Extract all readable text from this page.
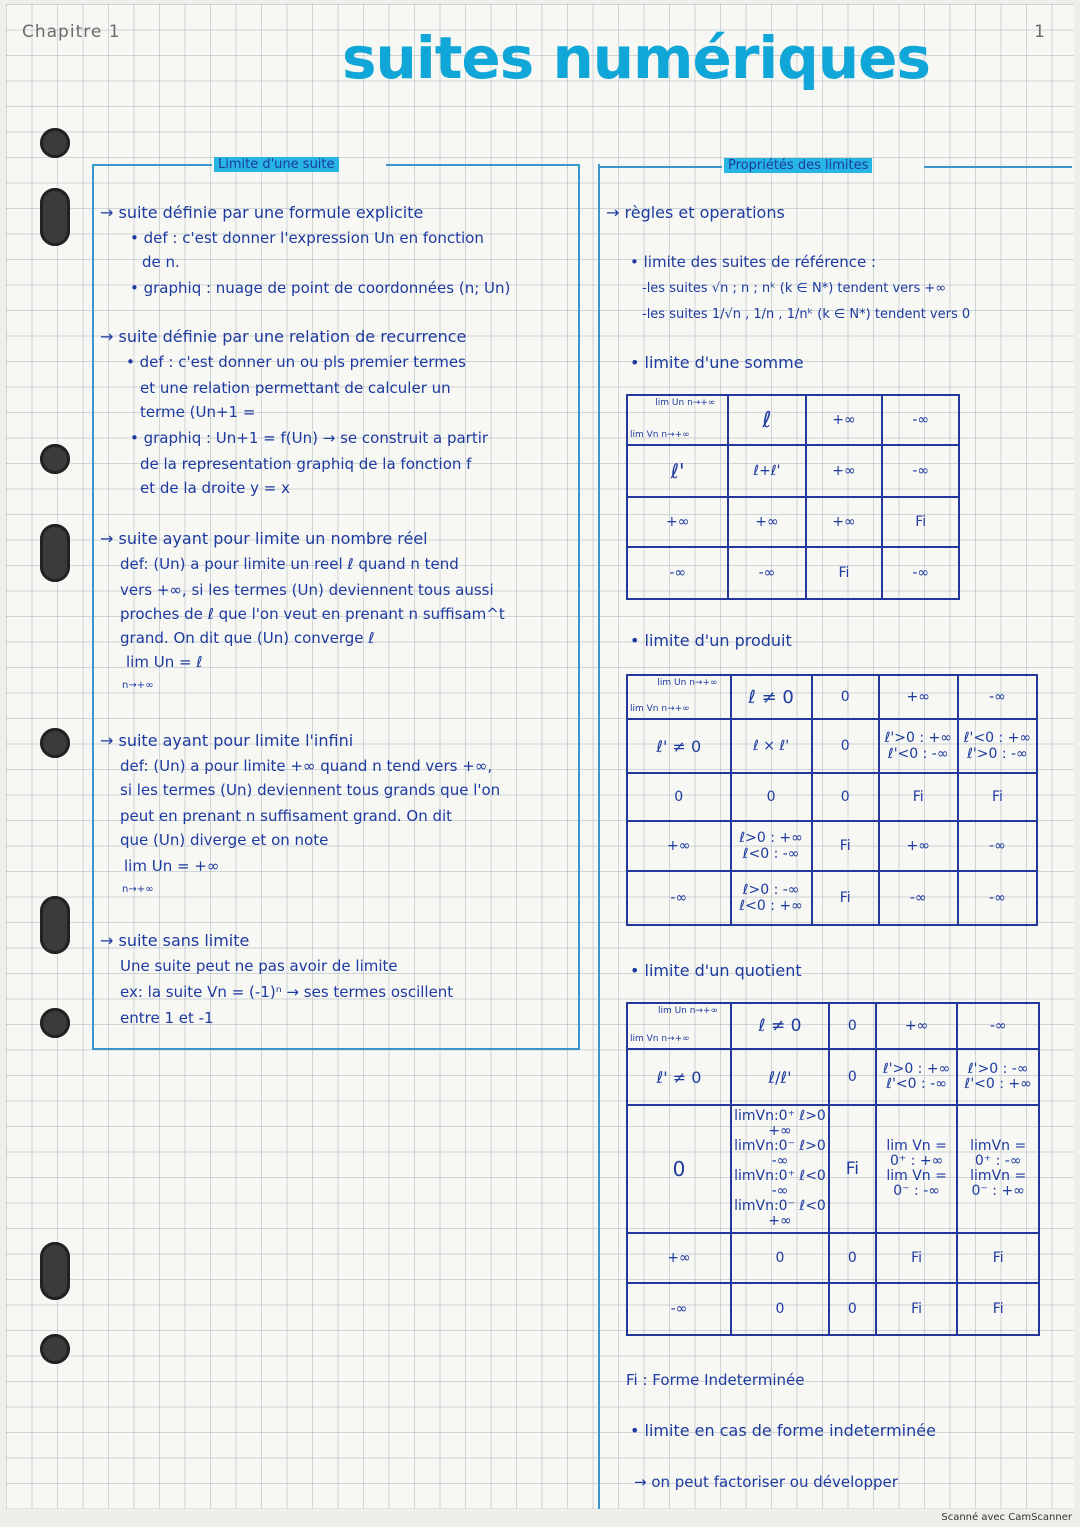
Chapitre 1	1
suites numériques
Limite d'une suite
→ suite définie par une formule explicite
• def : c'est donner l'expression Un en fonction
de n.
• graphiq : nuage de point de coordonnées (n; Un)
→ suite définie par une relation de recurrence
• def : c'est donner un ou pls premier termes
et une relation permettant de calculer un
terme (Un+1 =
• graphiq : Un+1 = f(Un) → se construit a partir
de la representation graphiq de la fonction f
et de la droite y = x
→ suite ayant pour limite un nombre réel
def: (Un) a pour limite un reel ℓ quand n tend
vers +∞, si les termes (Un) deviennent tous aussi
proches de ℓ que l'on veut en prenant n suffisam^t
grand. On dit que (Un) converge ℓ
lim Un = ℓ
n→+∞
→ suite ayant pour limite l'infini
def: (Un) a pour limite +∞ quand n tend vers +∞,
si les termes (Un) deviennent tous grands que l'on
peut en prenant n suffisament grand. On dit
que (Un) diverge et on note
lim Un = +∞
n→+∞
→ suite sans limite
Une suite peut ne pas avoir de limite
ex: la suite Vn = (-1)ⁿ → ses termes oscillent
entre 1 et -1
Propriétés des limites
→ règles et operations
• limite des suites de référence :
-les suites √n ; n ; nᵏ (k ∈ N*) tendent vers +∞
-les suites 1/√n , 1/n , 1/nᵏ (k ∈ N*) tendent vers 0
• limite d'une somme
lim Un n→+∞
lim Vn n→+∞	ℓ	+∞	-∞
ℓ'	ℓ+ℓ'	+∞	-∞
+∞	+∞	+∞	Fi
-∞	-∞	Fi	-∞
• limite d'un produit
lim Un n→+∞
lim Vn n→+∞	ℓ ≠ 0	0	+∞	-∞
ℓ' ≠ 0	ℓ × ℓ'	0	ℓ'>0 : +∞
ℓ'<0 : -∞	ℓ'<0 : +∞
ℓ'>0 : -∞
0	0	0	Fi	Fi
+∞	ℓ>0 : +∞
ℓ<0 : -∞	Fi	+∞	-∞
-∞	ℓ>0 : -∞
ℓ<0 : +∞	Fi	-∞	-∞
• limite d'un quotient
lim Un n→+∞
lim Vn n→+∞	ℓ ≠ 0	0	+∞	-∞
ℓ' ≠ 0	ℓ/ℓ'	0	ℓ'>0 : +∞
ℓ'<0 : -∞	ℓ'>0 : -∞
ℓ'<0 : +∞
0	limVn:0⁺ ℓ>0 +∞
limVn:0⁻ ℓ>0 -∞
limVn:0⁺ ℓ<0 -∞
limVn:0⁻ ℓ<0 +∞	Fi	lim Vn = 0⁺ : +∞
lim Vn = 0⁻ : -∞	limVn = 0⁺ : -∞
limVn = 0⁻ : +∞
+∞	0	0	Fi	Fi
-∞	0	0	Fi	Fi
Fi : Forme Indeterminée
• limite en cas de forme indeterminée
→ on peut factoriser ou développer
Scanné avec CamScanner
